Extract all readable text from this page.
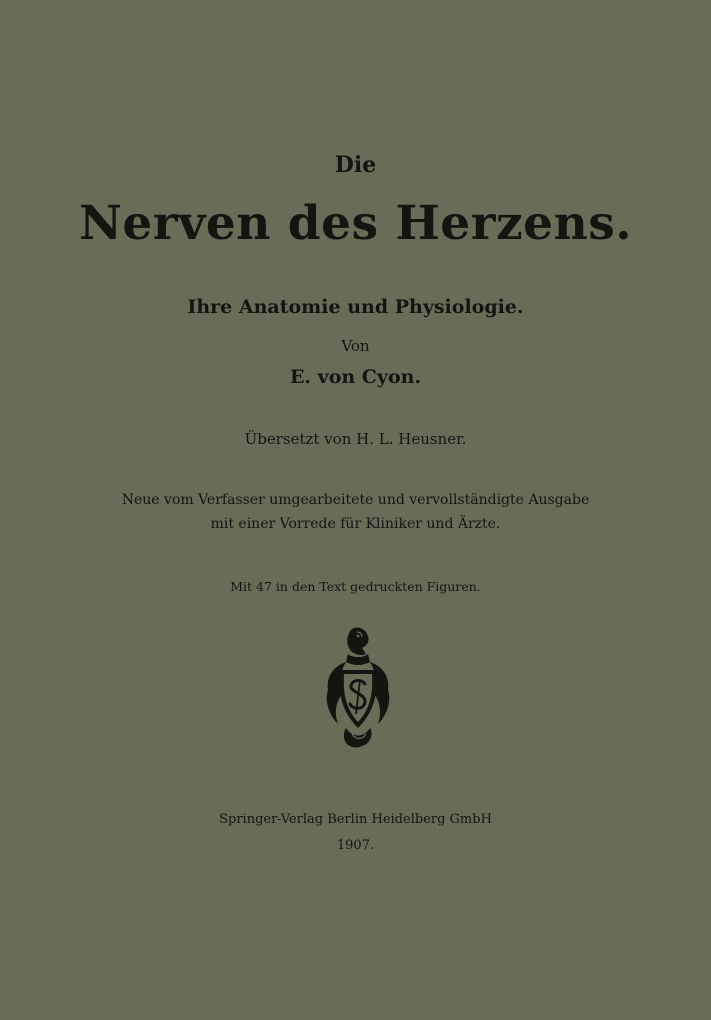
Die

Nerven des Herzens.

Ihre Anatomie und Physiologie.

Von

E. von Cyon.

Übersetzt von H. L. Heusner.

Neue vom Verfasser umgearbeitete und vervollständigte Ausgabe

mit einer Vorrede für Kliniker und Ärzte.

Mit 47 in den Text gedruckten Figuren.

Springer-Verlag Berlin Heidelberg GmbH

1907.
